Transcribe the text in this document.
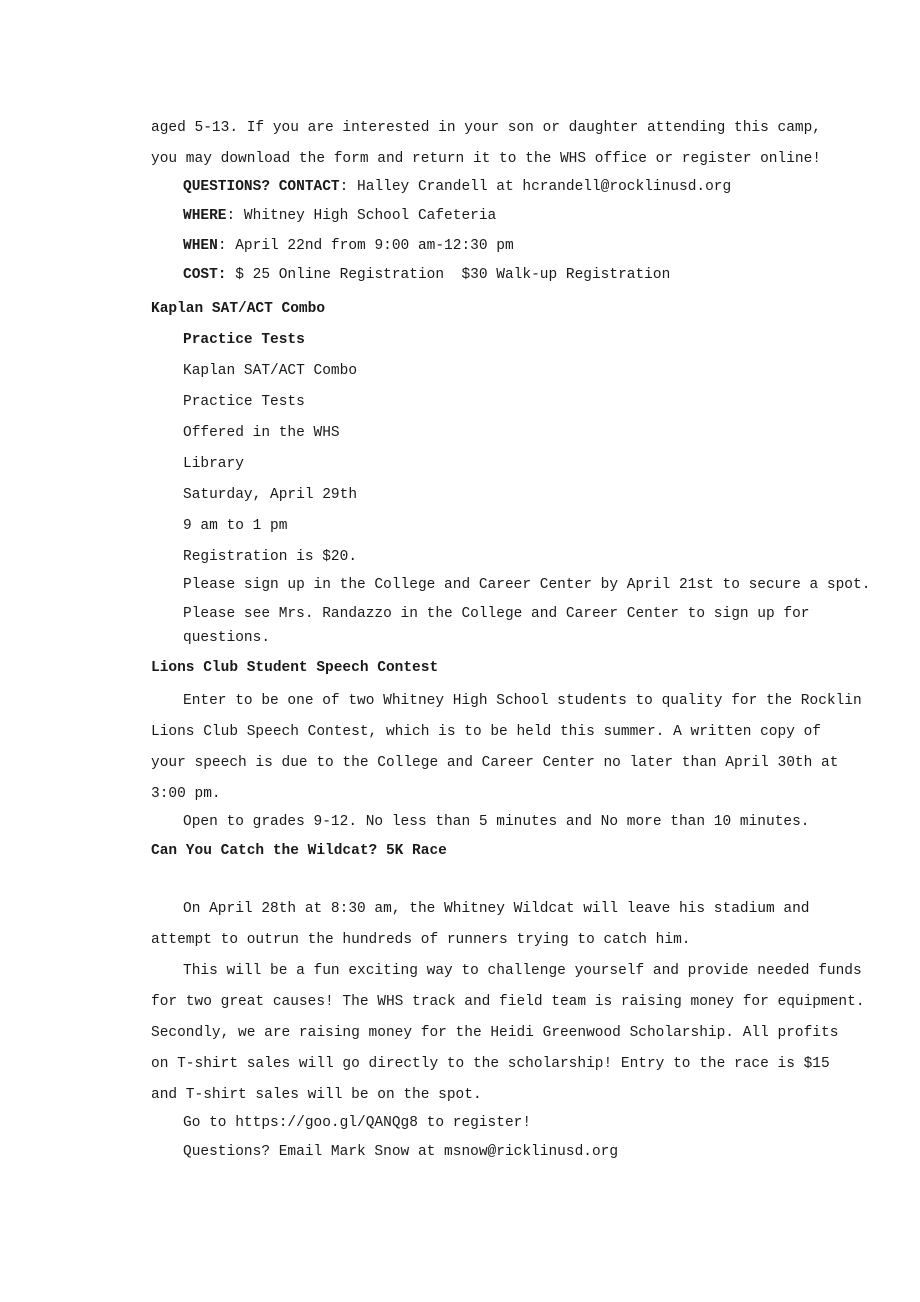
aged 5-13. If you are interested in your son or daughter attending this camp,
you may download the form and return it to the WHS office or register online!
QUESTIONS? CONTACT: Halley Crandell at hcrandell@rocklinusd.org
WHERE: Whitney High School Cafeteria
WHEN: April 22nd from 9:00 am-12:30 pm
COST: $ 25 Online Registration  $30 Walk-up Registration
Kaplan SAT/ACT Combo
Practice Tests
Kaplan SAT/ACT Combo
Practice Tests
Offered in the WHS
Library
Saturday, April 29th
9 am to 1 pm
Registration is $20.
Please sign up in the College and Career Center by April 21st to secure a spot.
Please see Mrs. Randazzo in the College and Career Center to sign up for
questions.
Lions Club Student Speech Contest
Enter to be one of two Whitney High School students to quality for the Rocklin
Lions Club Speech Contest, which is to be held this summer. A written copy of
your speech is due to the College and Career Center no later than April 30th at
3:00 pm.
Open to grades 9-12. No less than 5 minutes and No more than 10 minutes.
Can You Catch the Wildcat? 5K Race
On April 28th at 8:30 am, the Whitney Wildcat will leave his stadium and
attempt to outrun the hundreds of runners trying to catch him.
This will be a fun exciting way to challenge yourself and provide needed funds
for two great causes! The WHS track and field team is raising money for equipment.
Secondly, we are raising money for the Heidi Greenwood Scholarship. All profits
on T-shirt sales will go directly to the scholarship! Entry to the race is $15
and T-shirt sales will be on the spot.
Go to https://goo.gl/QANQg8 to register!
Questions? Email Mark Snow at msnow@ricklinusd.org
